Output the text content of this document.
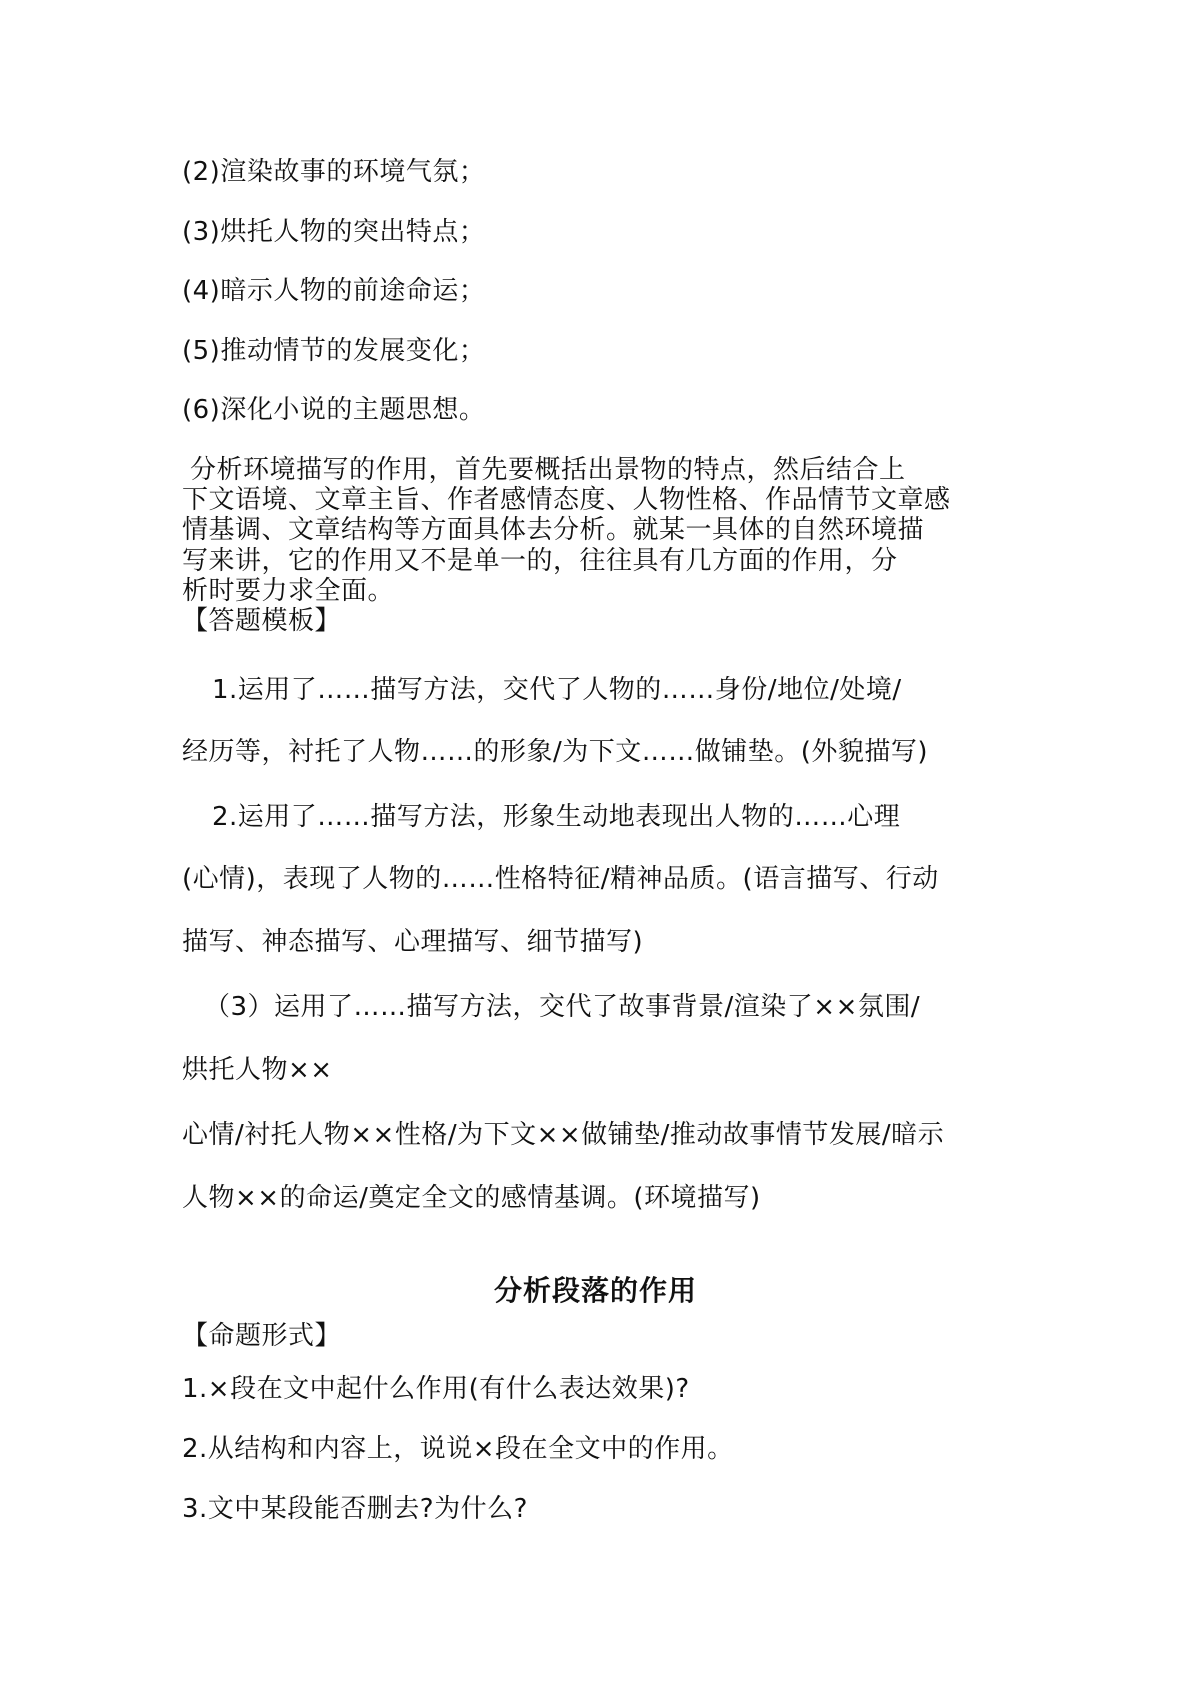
(2)渲染故事的环境气氛；
(3)烘托人物的突出特点；
(4)暗示人物的前途命运；
(5)推动情节的发展变化；
(6)深化小说的主题思想。
分析环境描写的作用，首先要概括出景物的特点，然后结合上
下文语境、文章主旨、作者感情态度、人物性格、作品情节文章感
情基调、文章结构等方面具体去分析。就某一具体的自然环境描
写来讲，它的作用又不是单一的，往往具有几方面的作用，分
析时要力求全面。
【答题模板】
1.运用了……描写方法，交代了人物的……身份/地位/处境/
经历等，衬托了人物……的形象/为下文……做铺垫。(外貌描写)
2.运用了……描写方法，形象生动地表现出人物的……心理
(心情)，表现了人物的……性格特征/精神品质。(语言描写、行动
描写、神态描写、心理描写、细节描写)
（3）运用了……描写方法，交代了故事背景/渲染了××氛围/
烘托人物××
心情/衬托人物××性格/为下文××做铺垫/推动故事情节发展/暗示
人物××的命运/奠定全文的感情基调。(环境描写)
分析段落的作用
【命题形式】
1.×段在文中起什么作用(有什么表达效果)?
2.从结构和内容上，说说×段在全文中的作用。
3.文中某段能否删去?为什么?
